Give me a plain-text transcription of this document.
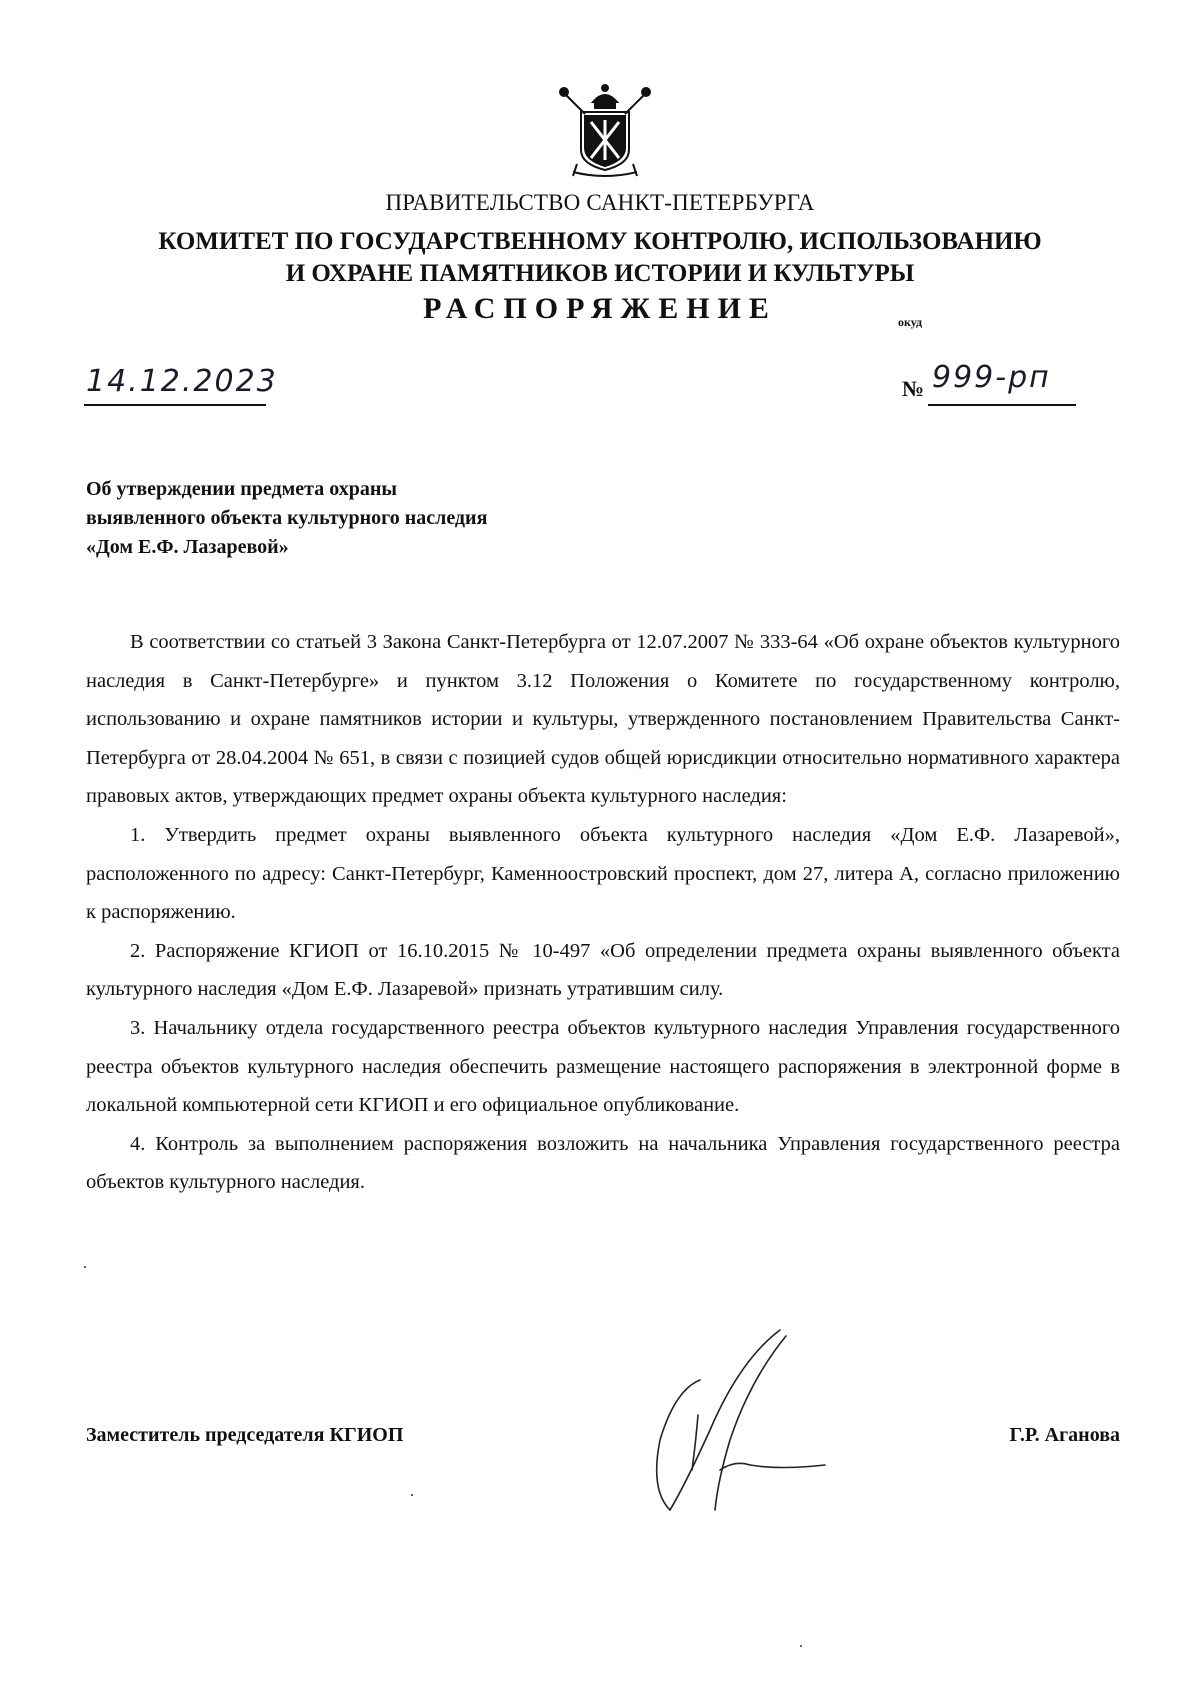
ПРАВИТЕЛЬСТВО САНКТ-ПЕТЕРБУРГА
КОМИТЕТ ПО ГОСУДАРСТВЕННОМУ КОНТРОЛЮ, ИСПОЛЬЗОВАНИЮ
И ОХРАНЕ ПАМЯТНИКОВ ИСТОРИИ И КУЛЬТУРЫ
РАСПОРЯЖЕНИЕ	окуд
14.12.2023	№ 999-рп
Об утверждении предмета охраны
выявленного объекта культурного наследия
«Дом Е.Ф. Лазаревой»

В соответствии со статьей 3 Закона Санкт-Петербурга от 12.07.2007 № 333-64 «Об охране объектов культурного наследия в Санкт-Петербурге» и пунктом 3.12 Положения о Комитете по государственному контролю, использованию и охране памятников истории и культуры, утвержденного постановлением Правительства Санкт-Петербурга от 28.04.2004 № 651, в связи с позицией судов общей юрисдикции относительно нормативного характера правовых актов, утверждающих предмет охраны объекта культурного наследия:

1. Утвердить предмет охраны выявленного объекта культурного наследия «Дом Е.Ф. Лазаревой», расположенного по адресу: Санкт-Петербург, Каменноостровский проспект, дом 27, литера А, согласно приложению к распоряжению.

2. Распоряжение КГИОП от 16.10.2015 № 10-497 «Об определении предмета охраны выявленного объекта культурного наследия «Дом Е.Ф. Лазаревой» признать утратившим силу.

3. Начальнику отдела государственного реестра объектов культурного наследия Управления государственного реестра объектов культурного наследия обеспечить размещение настоящего распоряжения в электронной форме в локальной компьютерной сети КГИОП и его официальное опубликование.

4. Контроль за выполнением распоряжения возложить на начальника Управления государственного реестра объектов культурного наследия.

Заместитель председателя КГИОП	Г.Р. Аганова
